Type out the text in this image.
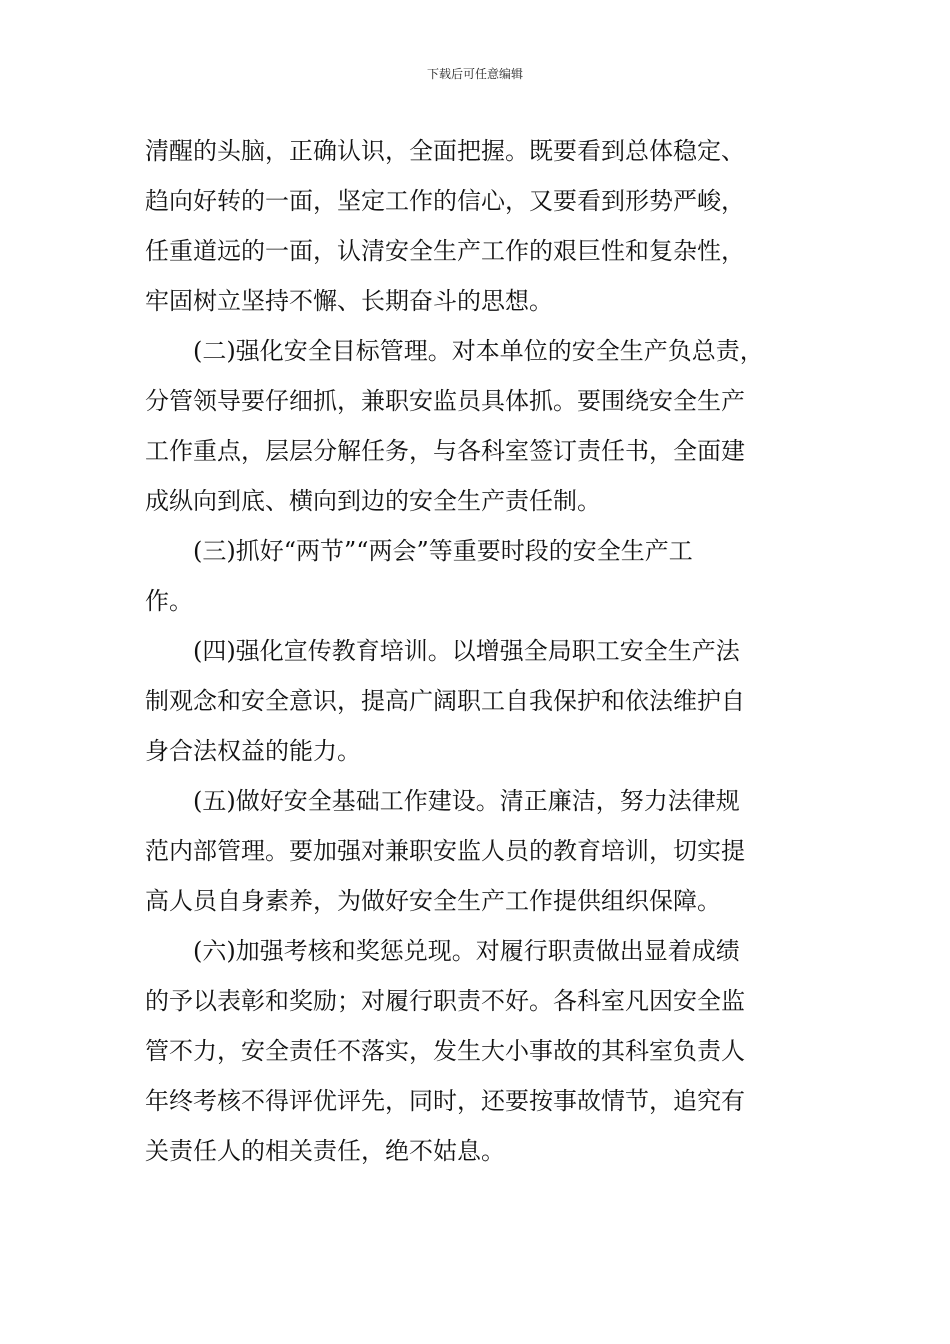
下载后可任意编辑
清醒的头脑，正确认识，全面把握。既要看到总体稳定、
趋向好转的一面，坚定工作的信心，又要看到形势严峻，
任重道远的一面，认清安全生产工作的艰巨性和复杂性，
牢固树立坚持不懈、长期奋斗的思想。
(二)强化安全目标管理。对本单位的安全生产负总责，
分管领导要仔细抓，兼职安监员具体抓。要围绕安全生产
工作重点，层层分解任务，与各科室签订责任书，全面建
成纵向到底、横向到边的安全生产责任制。
(三)抓好“两节”“两会”等重要时段的安全生产工
作。
(四)强化宣传教育培训。以增强全局职工安全生产法
制观念和安全意识，提高广阔职工自我保护和依法维护自
身合法权益的能力。
(五)做好安全基础工作建设。清正廉洁，努力法律规
范内部管理。要加强对兼职安监人员的教育培训，切实提
高人员自身素养，为做好安全生产工作提供组织保障。
(六)加强考核和奖惩兑现。对履行职责做出显着成绩
的予以表彰和奖励；对履行职责不好。各科室凡因安全监
管不力，安全责任不落实，发生大小事故的其科室负责人
年终考核不得评优评先，同时，还要按事故情节，追究有
关责任人的相关责任，绝不姑息。
